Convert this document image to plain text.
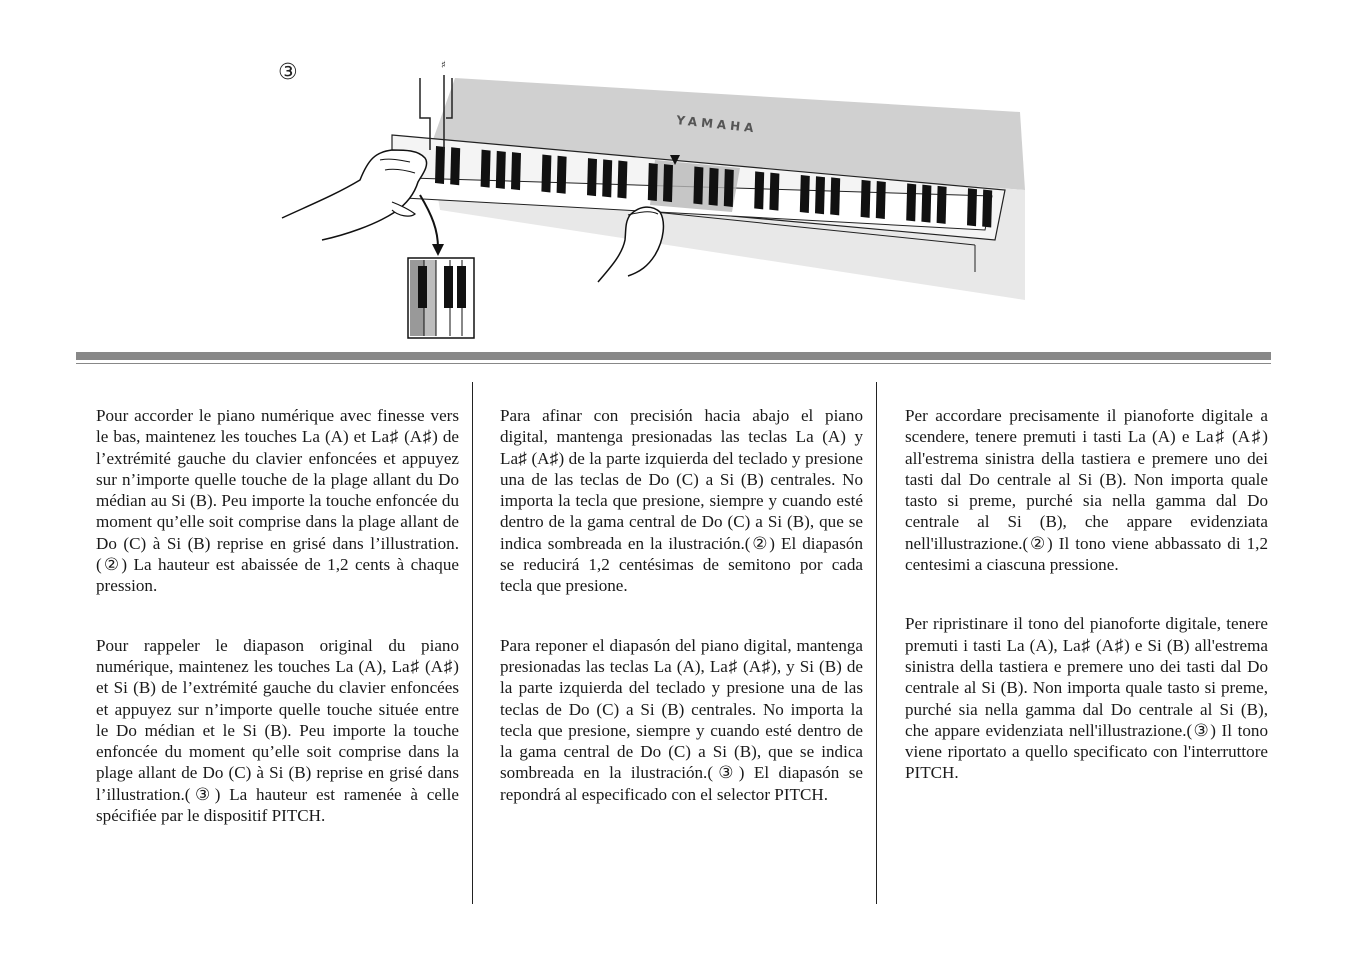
YAMAHA
③	♯

Pour accorder le piano numérique avec finesse vers le bas, maintenez les touches La (A) et La♯ (A♯) de l’extrémité gauche du clavier enfoncées et appuyez sur n’importe quelle touche de la plage allant du Do médian au Si (B). Peu importe la touche enfoncée du moment qu’elle soit comprise dans la plage allant de Do (C) à Si (B) reprise en grisé dans l’illustration.(②) La hauteur est abaissée de 1,2 cents à chaque pression.

Pour rappeler le diapason original du piano numérique, maintenez les touches La (A), La♯ (A♯) et Si (B) de l’extrémité gauche du clavier enfoncées et appuyez sur n’importe quelle touche située entre le Do médian et le Si (B). Peu importe la touche enfoncée du moment qu’elle soit comprise dans la plage allant de Do (C) à Si (B) reprise en grisé dans l’illustration.(③) La hauteur est ramenée à celle spécifiée par le dispositif PITCH.

Para afinar con precisión hacia abajo el piano digital, mantenga presionadas las teclas La (A) y La♯ (A♯) de la parte izquierda del teclado y presione una de las teclas de Do (C) a Si (B) centrales. No importa la tecla que presione, siempre y cuando esté dentro de la gama central de Do (C) a Si (B), que se indica sombreada en la ilustración.(②) El diapasón se reducirá 1,2 centésimas de semitono por cada tecla que presione.

Para reponer el diapasón del piano digital, mantenga presionadas las teclas La (A), La♯ (A♯), y Si (B) de la parte izquierda del teclado y presione una de las teclas de Do (C) a Si (B) centrales. No importa la tecla que presione, siempre y cuando esté dentro de la gama central de Do (C) a Si (B), que se indica sombreada en la ilustración.(③) El diapasón se repondrá al especificado con el selector PITCH.

Per accordare precisamente il pianoforte digitale a scendere, tenere premuti i tasti La (A) e La♯ (A♯) all'estrema sinistra della tastiera e premere uno dei tasti dal Do centrale al Si (B). Non importa quale tasto si preme, purché sia nella gamma dal Do centrale al Si (B), che appare evidenziata nell'illustrazione.(②) Il tono viene abbassato di 1,2 centesimi a ciascuna pressione.

Per ripristinare il tono del pianoforte digitale, tenere premuti i tasti La (A), La♯ (A♯) e Si (B) all'estrema sinistra della tastiera e premere uno dei tasti dal Do centrale al Si (B). Non importa quale tasto si preme, purché sia nella gamma dal Do centrale al Si (B), che appare evidenziata nell'illustrazione.(③) Il tono viene riportato a quello specificato con l'interruttore PITCH.
